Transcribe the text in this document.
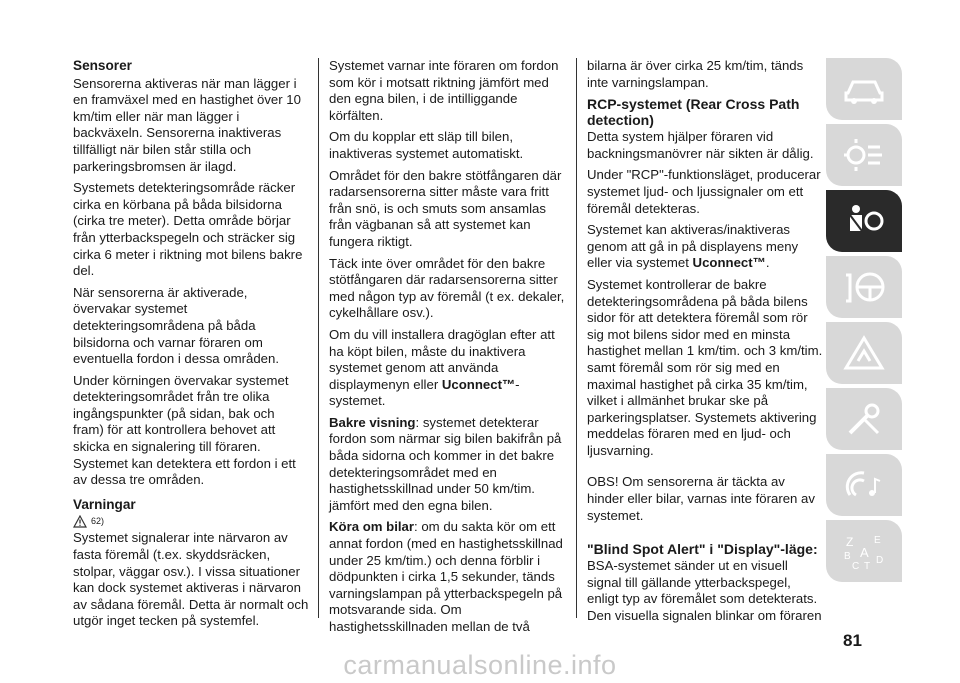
Sensorer

Sensorerna aktiveras när man lägger i en framväxel med en hastighet över 10 km/tim eller när man lägger i backväxeln. Sensorerna inaktiveras tillfälligt när bilen står stilla och parkeringsbromsen är ilagd.

Systemets detekteringsområde räcker cirka en körbana på båda bilsidorna (cirka tre meter). Detta område börjar från ytterbackspegeln och sträcker sig cirka 6 meter i riktning mot bilens bakre del.

När sensorerna är aktiverade, övervakar systemet detekteringsområdena på båda bilsidorna och varnar föraren om eventuella fordon i dessa områden.

Under körningen övervakar systemet detekteringsområdet från tre olika ingångspunkter (på sidan, bak och fram) för att kontrollera behovet att skicka en signalering till föraren. Systemet kan detektera ett fordon i ett av dessa tre områden.

Varningar
62)

Systemet signalerar inte närvaron av fasta föremål (t.ex. skyddsräcken, stolpar, väggar osv.). I vissa situationer kan dock systemet aktiveras i närvaron av sådana föremål. Detta är normalt och utgör inget tecken på systemfel.

Systemet varnar inte föraren om fordon som kör i motsatt riktning jämfört med den egna bilen, i de intilliggande körfälten.

Om du kopplar ett släp till bilen, inaktiveras systemet automatiskt.

Området för den bakre stötfångaren där radarsensorerna sitter måste vara fritt från snö, is och smuts som ansamlas från vägbanan så att systemet kan fungera riktigt.

Täck inte över området för den bakre stötfångaren där radarsensorerna sitter med någon typ av föremål (t ex. dekaler, cykelhållare osv.).

Om du vill installera dragöglan efter att ha köpt bilen, måste du inaktivera systemet genom att använda displaymenyn eller Uconnect™-systemet.

Bakre visning: systemet detekterar fordon som närmar sig bilen bakifrån på båda sidorna och kommer in det bakre detekteringsområdet med en hastighetsskillnad under 50 km/tim. jämfört med den egna bilen.

Köra om bilar: om du sakta kör om ett annat fordon (med en hastighetsskillnad under 25 km/tim.) och denna förblir i dödpunkten i cirka 1,5 sekunder, tänds varningslampan på ytterbackspegeln på motsvarande sida. Om hastighetsskillnaden mellan de två

bilarna är över cirka 25 km/tim, tänds inte varningslampan.

RCP-systemet (Rear Cross Path detection)

Detta system hjälper föraren vid backningsmanövrer när sikten är dålig.

Under "RCP"-funktionsläget, producerar systemet ljud- och ljussignaler om ett föremål detekteras.

Systemet kan aktiveras/inaktiveras genom att gå in på displayens meny eller via systemet Uconnect™.

Systemet kontrollerar de bakre detekteringsområdena på båda bilens sidor för att detektera föremål som rör sig mot bilens sidor med en minsta hastighet mellan 1 km/tim. och 3 km/tim. samt föremål som rör sig med en maximal hastighet på cirka 35 km/tim, vilket i allmänhet brukar ske på parkeringsplatser. Systemets aktivering meddelas föraren med en ljud- och ljusvarning.

OBS! Om sensorerna är täckta av hinder eller bilar, varnas inte föraren av systemet.

"Blind Spot Alert" i "Display"-läge:

BSA-systemet sänder ut en visuell signal till gällande ytterbackspegel, enligt typ av föremålet som detekterats. Den visuella signalen blinkar om föraren

Z E
B A
C T
D
81
carmanualsonline.info
